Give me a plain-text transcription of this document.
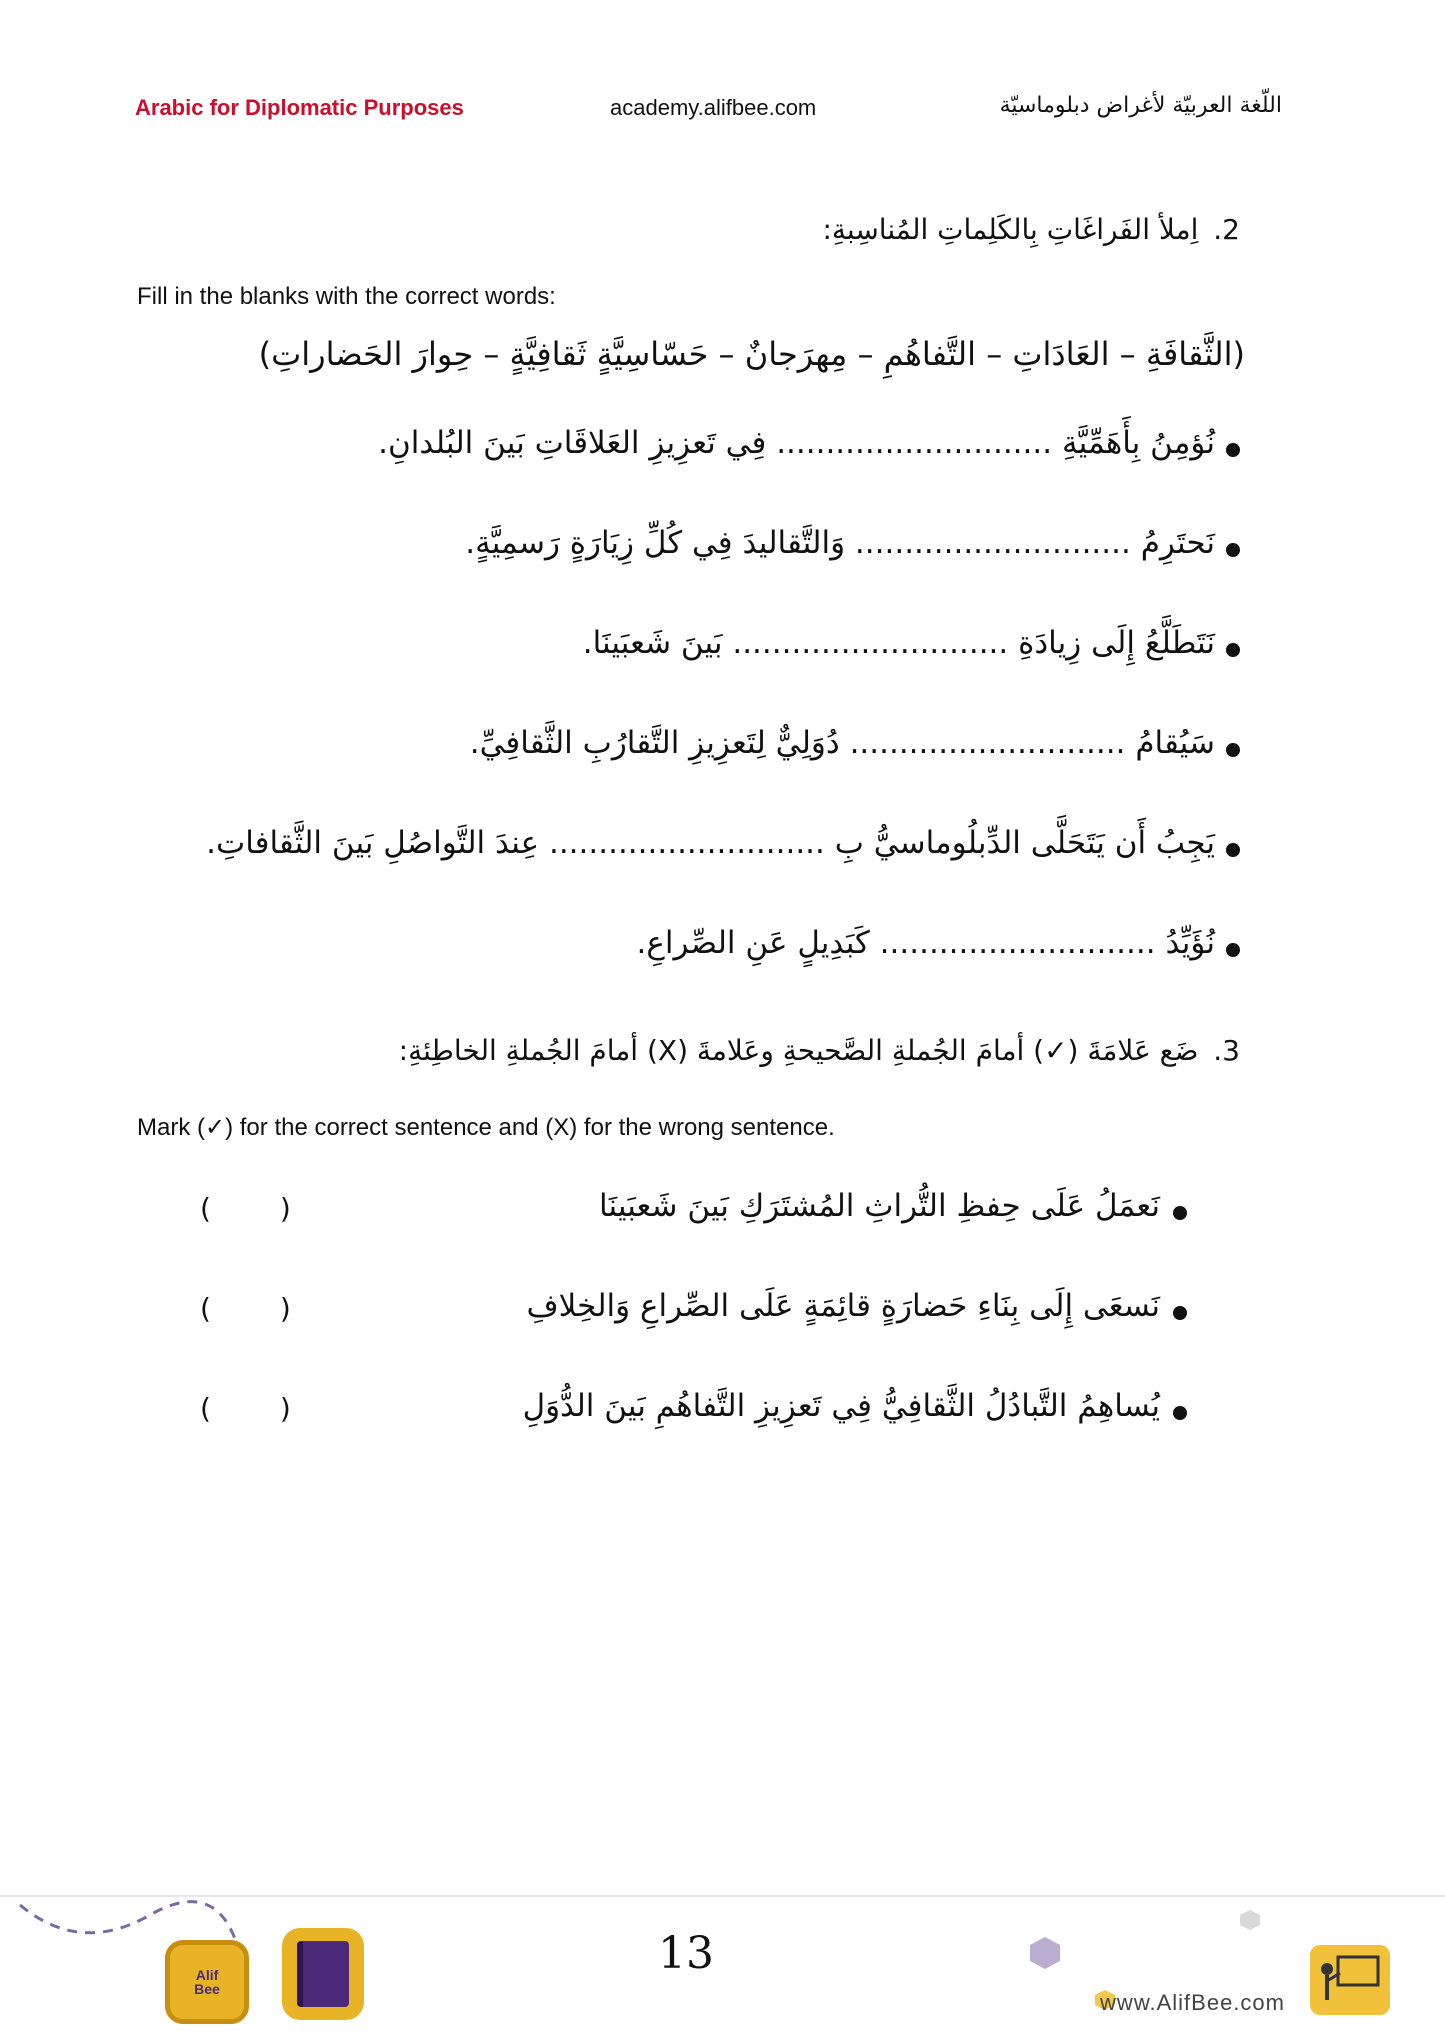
Arabic for Diplomatic Purposes	academy.alifbee.com	اللّغة العربيّة لأغراض دبلوماسيّة
2. اِملأ الفَراغَاتِ بِالكَلِماتِ المُناسِبةِ:
Fill in the blanks with the correct words:
(الثَّقافَةِ – العَادَاتِ – التَّفاهُمِ – مِهرَجانٌ – حَسّاسِيَّةٍ ثَقافِيَّةٍ – حِوارَ الحَضاراتِ)
نُؤمِنُ بِأَهَمِّيَّةِ ............................ فِي تَعزِيزِ العَلاقَاتِ بَينَ البُلدانِ.
نَحتَرِمُ ............................ وَالتَّقاليدَ فِي كُلِّ زِيَارَةٍ رَسمِيَّةٍ.
نَتَطَلَّعُ إِلَى زِيادَةِ ............................ بَينَ شَعبَينَا.
سَيُقامُ ............................ دُوَلِيٌّ لِتَعزِيزِ التَّقارُبِ الثَّقافِيِّ.
يَجِبُ أَن يَتَحَلَّى الدِّبلُوماسيُّ بِ ............................ عِندَ التَّواصُلِ بَينَ الثَّقافاتِ.
نُؤَيِّدُ ............................ كَبَدِيلٍ عَنِ الصِّراعِ.
3. ضَع عَلامَةَ (✓) أمامَ الجُملةِ الصَّحيحةِ وعَلامةَ (X) أمامَ الجُملةِ الخاطِئةِ:
Mark (✓) for the correct sentence and (X) for the wrong sentence.
نَعمَلُ عَلَى حِفظِ التُّراثِ المُشتَرَكِ بَينَ شَعبَينَا
( )
نَسعَى إِلَى بِنَاءِ حَضارَةٍ قائِمَةٍ عَلَى الصِّراعِ وَالخِلافِ
( )
يُساهِمُ التَّبادُلُ الثَّقافِيُّ فِي تَعزِيزِ التَّفاهُمِ بَينَ الدُّوَلِ
( )
Alif
Bee
13
www.AlifBee.com
